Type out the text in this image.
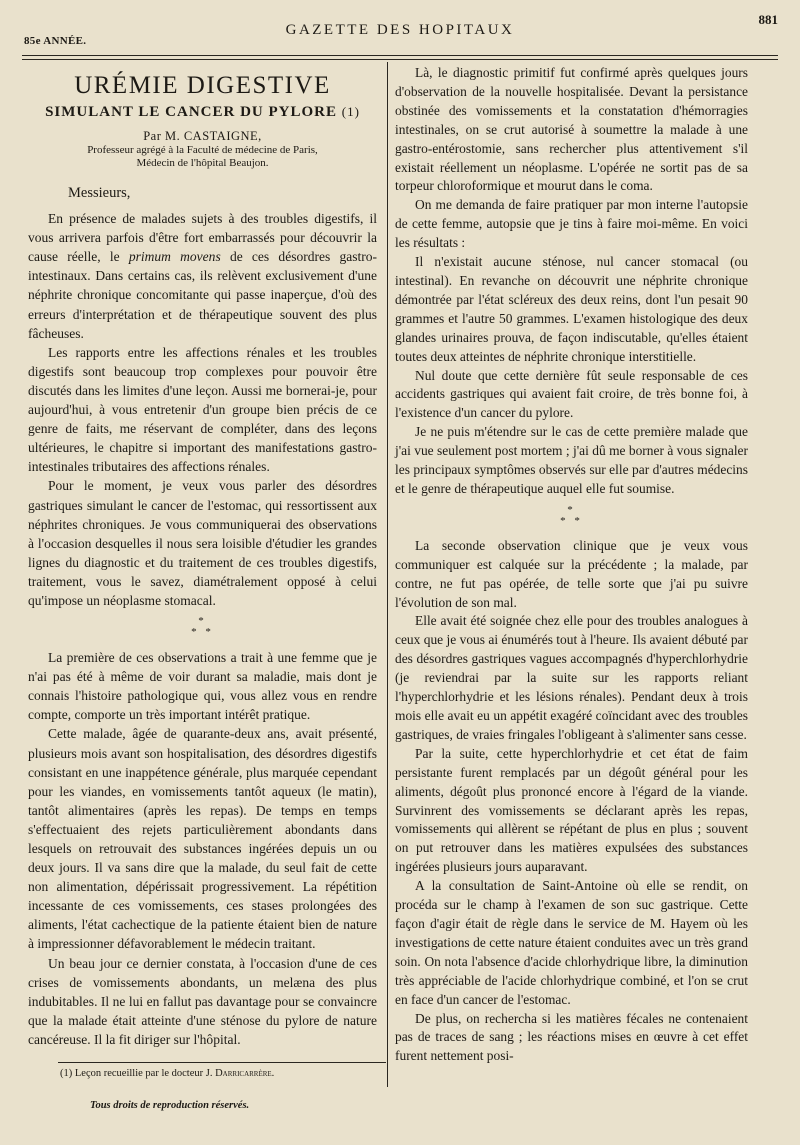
85e ANNÉE.
GAZETTE DES HOPITAUX
881
URÉMIE DIGESTIVE
SIMULANT LE CANCER DU PYLORE (1)
Par M. CASTAIGNE,
Professeur agrégé à la Faculté de médecine de Paris,
Médecin de l'hôpital Beaujon.

Messieurs,

En présence de malades sujets à des troubles digestifs, il vous arrivera parfois d'être fort embarrassés pour découvrir la cause réelle, le primum movens de ces désordres gastro-intestinaux. Dans certains cas, ils relèvent exclusivement d'une néphrite chronique concomitante qui passe inaperçue, d'où des erreurs d'interprétation et de thérapeutique souvent des plus fâcheuses.

Les rapports entre les affections rénales et les troubles digestifs sont beaucoup trop complexes pour pouvoir être discutés dans les limites d'une leçon. Aussi me bornerai-je, pour aujourd'hui, à vous entretenir d'un groupe bien précis de ce genre de faits, me réservant de compléter, dans des leçons ultérieures, le chapitre si important des manifestations gastro-intestinales tributaires des affections rénales.

Pour le moment, je veux vous parler des désordres gastriques simulant le cancer de l'estomac, qui ressortissent aux néphrites chroniques. Je vous communiquerai des observations à l'occasion desquelles il nous sera loisible d'étudier les grandes lignes du diagnostic et du traitement de ces troubles digestifs, traitement, vous le savez, diamétralement opposé à celui qu'impose un néoplasme stomacal.

*
* *

La première de ces observations a trait à une femme que je n'ai pas été à même de voir durant sa maladie, mais dont je connais l'histoire pathologique qui, vous allez vous en rendre compte, comporte un très important intérêt pratique.

Cette malade, âgée de quarante-deux ans, avait présenté, plusieurs mois avant son hospitalisation, des désordres digestifs consistant en une inappétence générale, plus marquée cependant pour les viandes, en vomissements tantôt aqueux (le matin), tantôt alimentaires (après les repas). De temps en temps s'effectuaient des rejets particulièrement abondants dans lesquels on retrouvait des substances ingérées depuis un ou deux jours. Il va sans dire que la malade, du seul fait de cette non alimentation, dépérissait progressivement. La répétition incessante de ces vomissements, ces stases prolongées des aliments, l'état cachectique de la patiente étaient bien de nature à impressionner défavorablement le médecin traitant.

Un beau jour ce dernier constata, à l'occasion d'une de ces crises de vomissements abondants, un melæna des plus indubitables. Il ne lui en fallut pas davantage pour se convaincre que la malade était atteinte d'une sténose du pylore de nature cancéreuse. Il la fit diriger sur l'hôpital.

Là, le diagnostic primitif fut confirmé après quelques jours d'observation de la nouvelle hospitalisée. Devant la persistance obstinée des vomissements et la constatation d'hémorragies intestinales, on se crut autorisé à soumettre la malade à une gastro-entérostomie, sans rechercher plus attentivement s'il existait réellement un néoplasme. L'opérée ne sortit pas de sa torpeur chloroformique et mourut dans le coma.

On me demanda de faire pratiquer par mon interne l'autopsie de cette femme, autopsie que je tins à faire moi-même. En voici les résultats :

Il n'existait aucune sténose, nul cancer stomacal (ou intestinal). En revanche on découvrit une néphrite chronique démontrée par l'état scléreux des deux reins, dont l'un pesait 90 grammes et l'autre 50 grammes. L'examen histologique des deux glandes urinaires prouva, de façon indiscutable, qu'elles étaient toutes deux atteintes de néphrite chronique interstitielle.

Nul doute que cette dernière fût seule responsable de ces accidents gastriques qui avaient fait croire, de très bonne foi, à l'existence d'un cancer du pylore.

Je ne puis m'étendre sur le cas de cette première malade que j'ai vue seulement post mortem ; j'ai dû me borner à vous signaler les principaux symptômes observés sur elle par d'autres médecins et le genre de thérapeutique auquel elle fut soumise.

*
* *

La seconde observation clinique que je veux vous communiquer est calquée sur la précédente ; la malade, par contre, ne fut pas opérée, de telle sorte que j'ai pu suivre l'évolution de son mal.

Elle avait été soignée chez elle pour des troubles analogues à ceux que je vous ai énumérés tout à l'heure. Ils avaient débuté par des désordres gastriques vagues accompagnés d'hyperchlorhydrie (je reviendrai par la suite sur les rapports reliant l'hyperchlorhydrie et les lésions rénales). Pendant deux à trois mois elle avait eu un appétit exagéré coïncidant avec des troubles gastriques, de vraies fringales l'obligeant à s'alimenter sans cesse.

Par la suite, cette hyperchlorhydrie et cet état de faim persistante furent remplacés par un dégoût général pour les aliments, dégoût plus prononcé encore à l'égard de la viande. Survinrent des vomissements se déclarant après les repas, vomissements qui allèrent se répétant de plus en plus ; souvent on put retrouver dans les matières expulsées des substances ingérées plusieurs jours auparavant.

A la consultation de Saint-Antoine où elle se rendit, on procéda sur le champ à l'examen de son suc gastrique. Cette façon d'agir était de règle dans le service de M. Hayem où les investigations de cette nature étaient conduites avec un très grand soin. On nota l'absence d'acide chlorhydrique libre, la diminution très appréciable de l'acide chlorhydrique combiné, et l'on se crut en face d'un cancer de l'estomac.

De plus, on rechercha si les matières fécales ne contenaient pas de traces de sang ; les réactions mises en œuvre à cet effet furent nettement posi-

(1) Leçon recueillie par le docteur J. Darricarrère.
Tous droits de reproduction réservés.
